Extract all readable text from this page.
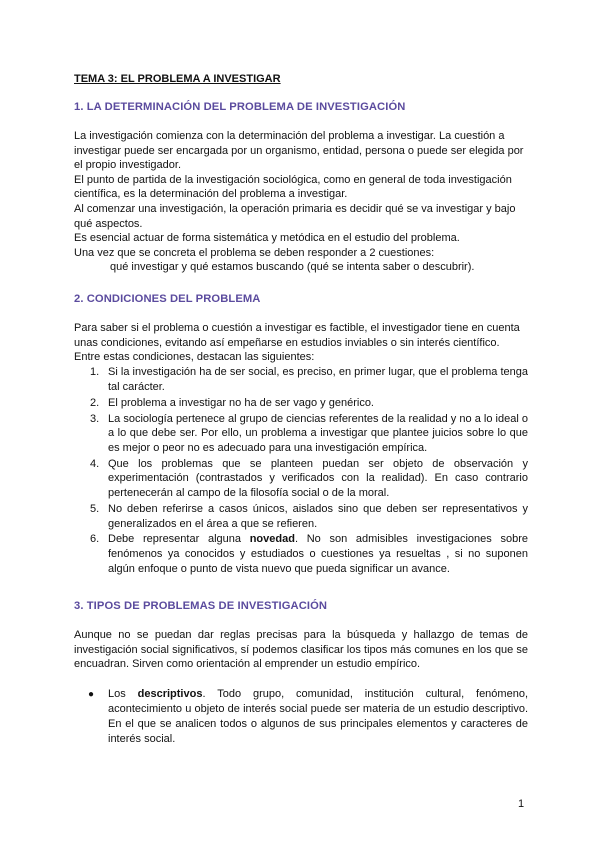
TEMA 3: EL PROBLEMA A INVESTIGAR
1. LA DETERMINACIÓN DEL PROBLEMA DE INVESTIGACIÓN
La investigación comienza con la determinación del problema a investigar. La cuestión a
investigar puede ser encargada por un organismo, entidad, persona o puede ser elegida por
el propio investigador.
El punto de partida de la investigación sociológica, como en general de toda investigación
científica, es la determinación del problema a investigar.
Al comenzar una investigación, la operación primaria es decidir qué se va investigar y bajo
qué aspectos.
Es esencial actuar de forma sistemática y metódica en el estudio del problema.
Una vez que se concreta el problema se deben responder a 2 cuestiones:
qué investigar y qué estamos buscando (qué se intenta saber o descubrir).
2. CONDICIONES DEL PROBLEMA
Para saber si el problema o cuestión a investigar es factible, el investigador tiene en cuenta
unas condiciones, evitando así empeñarse en estudios inviables o sin interés científico.
Entre estas condiciones, destacan las siguientes:
1. Si la investigación ha de ser social, es preciso, en primer lugar, que el problema tenga tal carácter.
2. El problema a investigar no ha de ser vago y genérico.
3. La sociología pertenece al grupo de ciencias referentes de la realidad y no a lo ideal o a lo que debe ser. Por ello, un problema a investigar que plantee juicios sobre lo que es mejor o peor no es adecuado para una investigación empírica.
4. Que los problemas que se planteen puedan ser objeto de observación y experimentación (contrastados y verificados con la realidad). En caso contrario pertenecerán al campo de la filosofía social o de la moral.
5. No deben referirse a casos únicos, aislados sino que deben ser representativos y generalizados en el área a que se refieren.
6. Debe representar alguna novedad. No son admisibles investigaciones sobre fenómenos ya conocidos y estudiados o cuestiones ya resueltas , si no suponen algún enfoque o punto de vista nuevo que pueda significar un avance.
3. TIPOS DE PROBLEMAS DE INVESTIGACIÓN
Aunque no se puedan dar reglas precisas para la búsqueda y hallazgo de temas de investigación social significativos, sí podemos clasificar los tipos más comunes en los que se encuadran. Sirven como orientación al emprender un estudio empírico.
● Los descriptivos. Todo grupo, comunidad, institución cultural, fenómeno, acontecimiento u objeto de interés social puede ser materia de un estudio descriptivo. En el que se analicen todos o algunos de sus principales elementos y caracteres de interés social.
1
